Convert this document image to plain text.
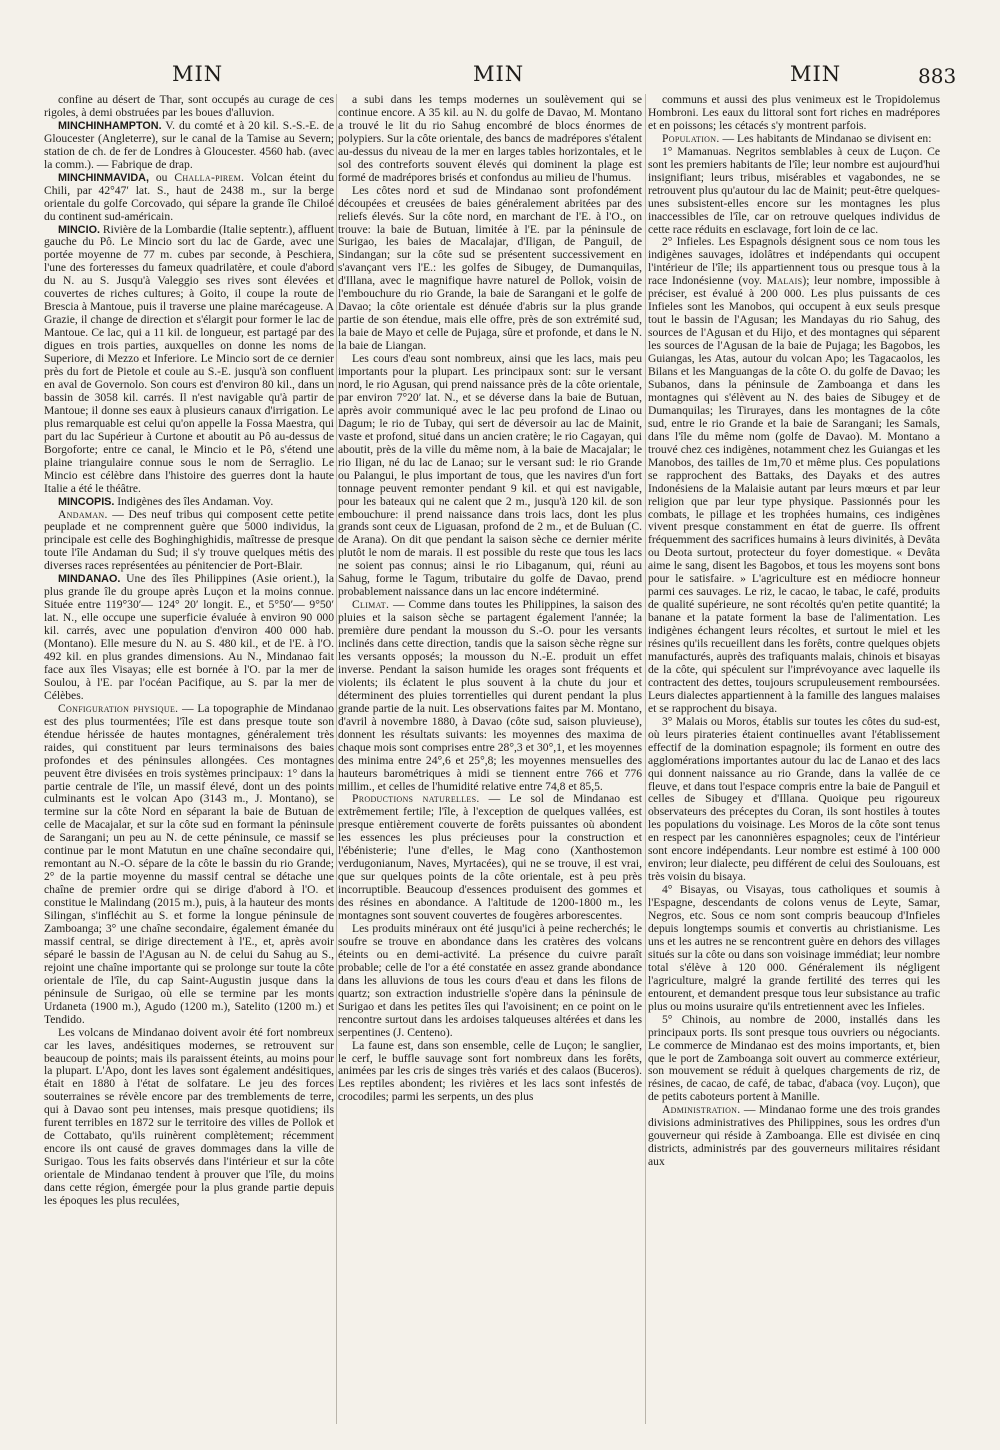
MIN	MIN	MIN	883

confine au désert de Thar, sont occupés au curage de ces rigoles, à demi obstruées par les boues d'alluvion.

MINCHINHAMPTON. V. du comté et à 20 kil. S.-S.-E. de Gloucester (Angleterre), sur le canal de la Tamise au Severn; station de ch. de fer de Londres à Gloucester. 4560 hab. (avec la comm.). — Fabrique de drap.

MINCHINMAVIDA, ou Challa-pirem. Volcan éteint du Chili, par 42°47′ lat. S., haut de 2438 m., sur la berge orientale du golfe Corcovado, qui sépare la grande île Chiloé du continent sud-américain.

MINCIO. Rivière de la Lombardie (Italie septentr.), affluent gauche du Pô. Le Mincio sort du lac de Garde, avec une portée moyenne de 77 m. cubes par seconde, à Peschiera, l'une des forteresses du fameux quadrilatère, et coule d'abord du N. au S. Jusqu'à Valeggio ses rives sont élevées et couvertes de riches cultures; à Goito, il coupe la route de Brescia à Mantoue, puis il traverse une plaine marécageuse. A Grazie, il change de direction et s'élargit pour former le lac de Mantoue. Ce lac, qui a 11 kil. de longueur, est partagé par des digues en trois parties, auxquelles on donne les noms de Superiore, di Mezzo et Inferiore. Le Mincio sort de ce dernier près du fort de Pietole et coule au S.-E. jusqu'à son confluent en aval de Governolo. Son cours est d'environ 80 kil., dans un bassin de 3058 kil. carrés. Il n'est navigable qu'à partir de Mantoue; il donne ses eaux à plusieurs canaux d'irrigation. Le plus remarquable est celui qu'on appelle la Fossa Maestra, qui part du lac Supérieur à Curtone et aboutit au Pô au-dessus de Borgoforte; entre ce canal, le Mincio et le Pô, s'étend une plaine triangulaire connue sous le nom de Serraglio. Le Mincio est célèbre dans l'histoire des guerres dont la haute Italie a été le théâtre.

MINCOPIS. Indigènes des îles Andaman. Voy.

Andaman. — Des neuf tribus qui composent cette petite peuplade et ne comprennent guère que 5000 individus, la principale est celle des Boghinghighidis, maîtresse de presque toute l'île Andaman du Sud; il s'y trouve quelques métis des diverses races représentées au pénitencier de Port-Blair.

MINDANAO. Une des îles Philippines (Asie orient.), la plus grande île du groupe après Luçon et la moins connue. Située entre 119°30′— 124° 20′ longit. E., et 5°50′— 9°50′ lat. N., elle occupe une superficie évaluée à environ 90 000 kil. carrés, avec une population d'environ 400 000 hab. (Montano). Elle mesure du N. au S. 480 kil., et de l'E. à l'O. 492 kil. en plus grandes dimensions. Au N., Mindanao fait face aux îles Visayas; elle est bornée à l'O. par la mer de Soulou, à l'E. par l'océan Pacifique, au S. par la mer de Célèbes.

Configuration physique. — La topographie de Mindanao est des plus tourmentées; l'île est dans presque toute son étendue hérissée de hautes montagnes, généralement très raides, qui constituent par leurs terminaisons des baies profondes et des péninsules allongées. Ces montagnes peuvent être divisées en trois systèmes principaux: 1° dans la partie centrale de l'île, un massif élevé, dont un des points culminants est le volcan Apo (3143 m., J. Montano), se termine sur la côte Nord en séparant la baie de Butuan de celle de Macajalar, et sur la côte sud en formant la péninsule de Sarangani; un peu au N. de cette péninsule, ce massif se continue par le mont Matutun en une chaîne secondaire qui, remontant au N.-O. sépare de la côte le bassin du rio Grande; 2° de la partie moyenne du massif central se détache une chaîne de premier ordre qui se dirige d'abord à l'O. et constitue le Malindang (2015 m.), puis, à la hauteur des monts Silingan, s'infléchit au S. et forme la longue péninsule de Zamboanga; 3° une chaîne secondaire, également émanée du massif central, se dirige directement à l'E., et, après avoir séparé le bassin de l'Agusan au N. de celui du Sahug au S., rejoint une chaîne importante qui se prolonge sur toute la côte orientale de l'île, du cap Saint-Augustin jusque dans la péninsule de Surigao, où elle se termine par les monts Urdaneta (1900 m.), Agudo (1200 m.), Satelito (1200 m.) et Tendido.

Les volcans de Mindanao doivent avoir été fort nombreux car les laves, andésitiques modernes, se retrouvent sur beaucoup de points; mais ils paraissent éteints, au moins pour la plupart. L'Apo, dont les laves sont également andésitiques, était en 1880 à l'état de solfatare. Le jeu des forces souterraines se révèle encore par des tremblements de terre, qui à Davao sont peu intenses, mais presque quotidiens; ils furent terribles en 1872 sur le territoire des villes de Pollok et de Cottabato, qu'ils ruinèrent complètement; récemment encore ils ont causé de graves dommages dans la ville de Surigao. Tous les faits observés dans l'intérieur et sur la côte orientale de Mindanao tendent à prouver que l'île, du moins dans cette région, émergée pour la plus grande partie depuis les époques les plus reculées,

a subi dans les temps modernes un soulèvement qui se continue encore. A 35 kil. au N. du golfe de Davao, M. Montano a trouvé le lit du rio Sahug encombré de blocs énormes de polypiers. Sur la côte orientale, des bancs de madrépores s'étalent au-dessus du niveau de la mer en larges tables horizontales, et le sol des contreforts souvent élevés qui dominent la plage est formé de madrépores brisés et confondus au milieu de l'humus.

Les côtes nord et sud de Mindanao sont profondément découpées et creusées de baies généralement abritées par des reliefs élevés. Sur la côte nord, en marchant de l'E. à l'O., on trouve: la baie de Butuan, limitée à l'E. par la péninsule de Surigao, les baies de Macalajar, d'Iligan, de Panguil, de Sindangan; sur la côte sud se présentent successivement en s'avançant vers l'E.: les golfes de Sibugey, de Dumanquilas, d'Illana, avec le magnifique havre naturel de Pollok, voisin de l'embouchure du rio Grande, la baie de Sarangani et le golfe de Davao; la côte orientale est dénuée d'abris sur la plus grande partie de son étendue, mais elle offre, près de son extrémité sud, la baie de Mayo et celle de Pujaga, sûre et profonde, et dans le N. la baie de Liangan.

Les cours d'eau sont nombreux, ainsi que les lacs, mais peu importants pour la plupart. Les principaux sont: sur le versant nord, le rio Agusan, qui prend naissance près de la côte orientale, par environ 7°20′ lat. N., et se déverse dans la baie de Butuan, après avoir communiqué avec le lac peu profond de Linao ou Dagum; le rio de Tubay, qui sert de déversoir au lac de Mainit, vaste et profond, situé dans un ancien cratère; le rio Cagayan, qui aboutit, près de la ville du même nom, à la baie de Macajalar; le rio Iligan, né du lac de Lanao; sur le versant sud: le rio Grande ou Palangui, le plus important de tous, que les navires d'un fort tonnage peuvent remonter pendant 9 kil. et qui est navigable, pour les bateaux qui ne calent que 2 m., jusqu'à 120 kil. de son embouchure: il prend naissance dans trois lacs, dont les plus grands sont ceux de Liguasan, profond de 2 m., et de Buluan (C. de Arana). On dit que pendant la saison sèche ce dernier mérite plutôt le nom de marais. Il est possible du reste que tous les lacs ne soient pas connus; ainsi le rio Libaganum, qui, réuni au Sahug, forme le Tagum, tributaire du golfe de Davao, prend probablement naissance dans un lac encore indéterminé.

Climat. — Comme dans toutes les Philippines, la saison des pluies et la saison sèche se partagent également l'année; la première dure pendant la mousson du S.-O. pour les versants inclinés dans cette direction, tandis que la saison sèche règne sur les versants opposés; la mousson du N.-E. produit un effet inverse. Pendant la saison humide les orages sont fréquents et violents; ils éclatent le plus souvent à la chute du jour et déterminent des pluies torrentielles qui durent pendant la plus grande partie de la nuit. Les observations faites par M. Montano, d'avril à novembre 1880, à Davao (côte sud, saison pluvieuse), donnent les résultats suivants: les moyennes des maxima de chaque mois sont comprises entre 28°,3 et 30°,1, et les moyennes des minima entre 24°,6 et 25°,8; les moyennes mensuelles des hauteurs barométriques à midi se tiennent entre 766 et 776 millim., et celles de l'humidité relative entre 74,8 et 85,5.

Productions naturelles. — Le sol de Mindanao est extrêmement fertile; l'île, à l'exception de quelques vallées, est presque entièrement couverte de forêts puissantes où abondent les essences les plus précieuses pour la construction et l'ébénisterie; l'une d'elles, le Mag cono (Xanthostemon verdugonianum, Naves, Myrtacées), qui ne se trouve, il est vrai, que sur quelques points de la côte orientale, est à peu près incorruptible. Beaucoup d'essences produisent des gommes et des résines en abondance. A l'altitude de 1200-1800 m., les montagnes sont souvent couvertes de fougères arborescentes.

Les produits minéraux ont été jusqu'ici à peine recherchés; le soufre se trouve en abondance dans les cratères des volcans éteints ou en demi-activité. La présence du cuivre paraît probable; celle de l'or a été constatée en assez grande abondance dans les alluvions de tous les cours d'eau et dans les filons de quartz; son extraction industrielle s'opère dans la péninsule de Surigao et dans les petites îles qui l'avoisinent; en ce point on le rencontre surtout dans les ardoises talqueuses altérées et dans les serpentines (J. Centeno).

La faune est, dans son ensemble, celle de Luçon; le sanglier, le cerf, le buffle sauvage sont fort nombreux dans les forêts, animées par les cris de singes très variés et des calaos (Buceros). Les reptiles abondent; les rivières et les lacs sont infestés de crocodiles; parmi les serpents, un des plus

communs et aussi des plus venimeux est le Tropidolemus Hombroni. Les eaux du littoral sont fort riches en madrépores et en poissons; les cétacés s'y montrent parfois.

Population. — Les habitants de Mindanao se divisent en:

1° Mamanuas. Negritos semblables à ceux de Luçon. Ce sont les premiers habitants de l'île; leur nombre est aujourd'hui insignifiant; leurs tribus, misérables et vagabondes, ne se retrouvent plus qu'autour du lac de Mainit; peut-être quelques-unes subsistent-elles encore sur les montagnes les plus inaccessibles de l'île, car on retrouve quelques individus de cette race réduits en esclavage, fort loin de ce lac.

2° Infieles. Les Espagnols désignent sous ce nom tous les indigènes sauvages, idolâtres et indépendants qui occupent l'intérieur de l'île; ils appartiennent tous ou presque tous à la race Indonésienne (voy. Malais); leur nombre, impossible à préciser, est évalué à 200 000. Les plus puissants de ces Infieles sont les Manobos, qui occupent à eux seuls presque tout le bassin de l'Agusan; les Mandayas du rio Sahug, des sources de l'Agusan et du Hijo, et des montagnes qui séparent les sources de l'Agusan de la baie de Pujaga; les Bagobos, les Guiangas, les Atas, autour du volcan Apo; les Tagacaolos, les Bilans et les Manguangas de la côte O. du golfe de Davao; les Subanos, dans la péninsule de Zamboanga et dans les montagnes qui s'élèvent au N. des baies de Sibugey et de Dumanquilas; les Tirurayes, dans les montagnes de la côte sud, entre le rio Grande et la baie de Sarangani; les Samals, dans l'île du même nom (golfe de Davao). M. Montano a trouvé chez ces indigènes, notamment chez les Guiangas et les Manobos, des tailles de 1m,70 et même plus. Ces populations se rapprochent des Battaks, des Dayaks et des autres Indonésiens de la Malaisie autant par leurs mœurs et par leur religion que par leur type physique. Passionnés pour les combats, le pillage et les trophées humains, ces indigènes vivent presque constamment en état de guerre. Ils offrent fréquemment des sacrifices humains à leurs divinités, à Devâta ou Deota surtout, protecteur du foyer domestique. « Devâta aime le sang, disent les Bagobos, et tous les moyens sont bons pour le satisfaire. » L'agriculture est en médiocre honneur parmi ces sauvages. Le riz, le cacao, le tabac, le café, produits de qualité supérieure, ne sont récoltés qu'en petite quantité; la banane et la patate forment la base de l'alimentation. Les indigènes échangent leurs récoltes, et surtout le miel et les résines qu'ils recueillent dans les forêts, contre quelques objets manufacturés, auprès des trafiquants malais, chinois et bisayas de la côte, qui spéculent sur l'imprévoyance avec laquelle ils contractent des dettes, toujours scrupuleusement remboursées. Leurs dialectes appartiennent à la famille des langues malaises et se rapprochent du bisaya.

3° Malais ou Moros, établis sur toutes les côtes du sud-est, où leurs pirateries étaient continuelles avant l'établissement effectif de la domination espagnole; ils forment en outre des agglomérations importantes autour du lac de Lanao et des lacs qui donnent naissance au rio Grande, dans la vallée de ce fleuve, et dans tout l'espace compris entre la baie de Panguil et celles de Sibugey et d'Illana. Quoique peu rigoureux observateurs des préceptes du Coran, ils sont hostiles à toutes les populations du voisinage. Les Moros de la côte sont tenus en respect par les canonnières espagnoles; ceux de l'intérieur sont encore indépendants. Leur nombre est estimé à 100 000 environ; leur dialecte, peu différent de celui des Soulouans, est très voisin du bisaya.

4° Bisayas, ou Visayas, tous catholiques et soumis à l'Espagne, descendants de colons venus de Leyte, Samar, Negros, etc. Sous ce nom sont compris beaucoup d'Infieles depuis longtemps soumis et convertis au christianisme. Les uns et les autres ne se rencontrent guère en dehors des villages situés sur la côte ou dans son voisinage immédiat; leur nombre total s'élève à 120 000. Généralement ils négligent l'agriculture, malgré la grande fertilité des terres qui les entourent, et demandent presque tous leur subsistance au trafic plus ou moins usuraire qu'ils entretiennent avec les Infieles.

5° Chinois, au nombre de 2000, installés dans les principaux ports. Ils sont presque tous ouvriers ou négociants. Le commerce de Mindanao est des moins importants, et, bien que le port de Zamboanga soit ouvert au commerce extérieur, son mouvement se réduit à quelques chargements de riz, de résines, de cacao, de café, de tabac, d'abaca (voy. Luçon), que de petits caboteurs portent à Manille.

Administration. — Mindanao forme une des trois grandes divisions administratives des Philippines, sous les ordres d'un gouverneur qui réside à Zamboanga. Elle est divisée en cinq districts, administrés par des gouverneurs militaires résidant aux
